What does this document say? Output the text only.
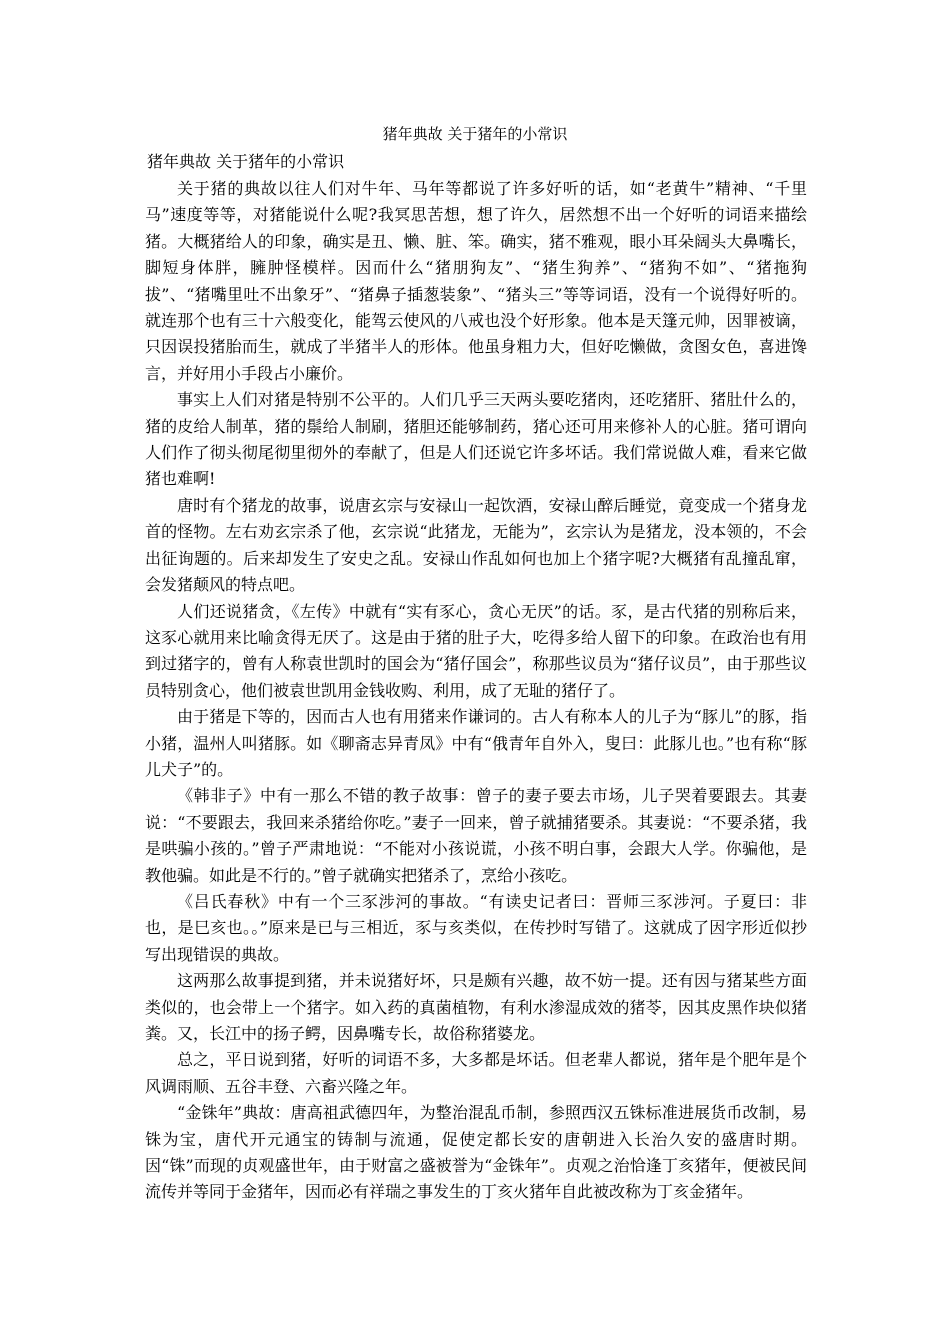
猪年典故 关于猪年的小常识
猪年典故 关于猪年的小常识

关于猪的典故以往人们对牛年、马年等都说了许多好听的话，如“老黄牛”精神、“千里马”速度等等，对猪能说什么呢?我冥思苦想，想了许久，居然想不出一个好听的词语来描绘猪。大概猪给人的印象，确实是丑、懒、脏、笨。确实，猪不雅观，眼小耳朵阔头大鼻嘴长，脚短身体胖，臃肿怪模样。因而什么“猪朋狗友”、“猪生狗养”、“猪狗不如”、“猪拖狗拔”、“猪嘴里吐不出象牙”、“猪鼻子插葱装象”、“猪头三”等等词语，没有一个说得好听的。就连那个也有三十六般变化，能驾云使风的八戒也没个好形象。他本是天篷元帅，因罪被谪，只因误投猪胎而生，就成了半猪半人的形体。他虽身粗力大，但好吃懒做，贪图女色，喜进馋言，并好用小手段占小廉价。

事实上人们对猪是特别不公平的。人们几乎三天两头要吃猪肉，还吃猪肝、猪肚什么的，猪的皮给人制革，猪的鬃给人制刷，猪胆还能够制药，猪心还可用来修补人的心脏。猪可谓向人们作了彻头彻尾彻里彻外的奉献了，但是人们还说它许多坏话。我们常说做人难，看来它做猪也难啊!

唐时有个猪龙的故事，说唐玄宗与安禄山一起饮酒，安禄山醉后睡觉，竟变成一个猪身龙首的怪物。左右劝玄宗杀了他，玄宗说“此猪龙，无能为”，玄宗认为是猪龙，没本领的，不会出征询题的。后来却发生了安史之乱。安禄山作乱如何也加上个猪字呢?大概猪有乱撞乱窜，会发猪颠风的特点吧。

人们还说猪贪，《左传》中就有“实有豕心，贪心无厌”的话。豕，是古代猪的别称后来，这豕心就用来比喻贪得无厌了。这是由于猪的肚子大，吃得多给人留下的印象。在政治也有用到过猪字的，曾有人称袁世凯时的国会为“猪仔国会”，称那些议员为“猪仔议员”，由于那些议员特别贪心，他们被袁世凯用金钱收购、利用，成了无耻的猪仔了。

由于猪是下等的，因而古人也有用猪来作谦词的。古人有称本人的儿子为“豚儿”的豚，指小猪，温州人叫猪豚。如《聊斋志异青凤》中有“俄青年自外入，叟曰：此豚儿也。”也有称“豚儿犬子”的。

《韩非子》中有一那么不错的教子故事：曾子的妻子要去市场，儿子哭着要跟去。其妻说：“不要跟去，我回来杀猪给你吃。”妻子一回来，曾子就捕猪要杀。其妻说：“不要杀猪，我是哄骗小孩的。”曾子严肃地说：“不能对小孩说谎，小孩不明白事，会跟大人学。你骗他，是教他骗。如此是不行的。”曾子就确实把猪杀了，烹给小孩吃。

《吕氏春秋》中有一个三豕涉河的事故。“有读史记者曰：晋师三豕涉河。子夏曰：非也，是巳亥也。。”原来是已与三相近，豕与亥类似，在传抄时写错了。这就成了因字形近似抄写出现错误的典故。

这两那么故事提到猪，并未说猪好坏，只是颇有兴趣，故不妨一提。还有因与猪某些方面类似的，也会带上一个猪字。如入药的真菌植物，有利水渗湿成效的猪苓，因其皮黑作块似猪粪。又，长江中的扬子鳄，因鼻嘴专长，故俗称猪婆龙。

总之，平日说到猪，好听的词语不多，大多都是坏话。但老辈人都说，猪年是个肥年是个风调雨顺、五谷丰登、六畜兴隆之年。

“金铢年”典故：唐高祖武德四年，为整治混乱币制，参照西汉五铢标准进展货币改制，易铢为宝，唐代开元通宝的铸制与流通，促使定都长安的唐朝进入长治久安的盛唐时期。因“铢”而现的贞观盛世年，由于财富之盛被誉为“金铢年”。贞观之治恰逢丁亥猪年，便被民间流传并等同于金猪年，因而必有祥瑞之事发生的丁亥火猪年自此被改称为丁亥金猪年。
